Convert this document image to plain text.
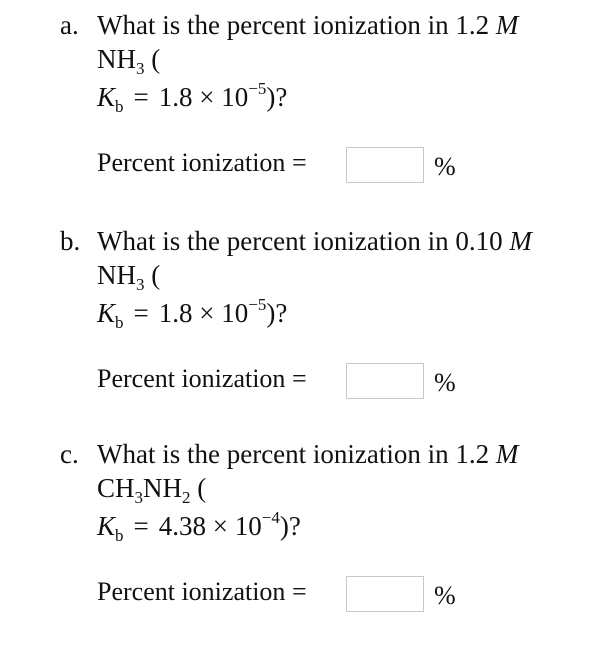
a. What is the percent ionization in 1.2 M
$NH_3$ (
$K_b = 1.8 \times 10^{-5}$)?
Percent ionization =	%
b. What is the percent ionization in 0.10 M
$NH_3$ (
$K_b = 1.8 \times 10^{-5}$)?
Percent ionization =	%
c. What is the percent ionization in 1.2 M
$CH_3NH_2$ (
$K_b = 4.38 \times 10^{-4}$)?
Percent ionization =	%
